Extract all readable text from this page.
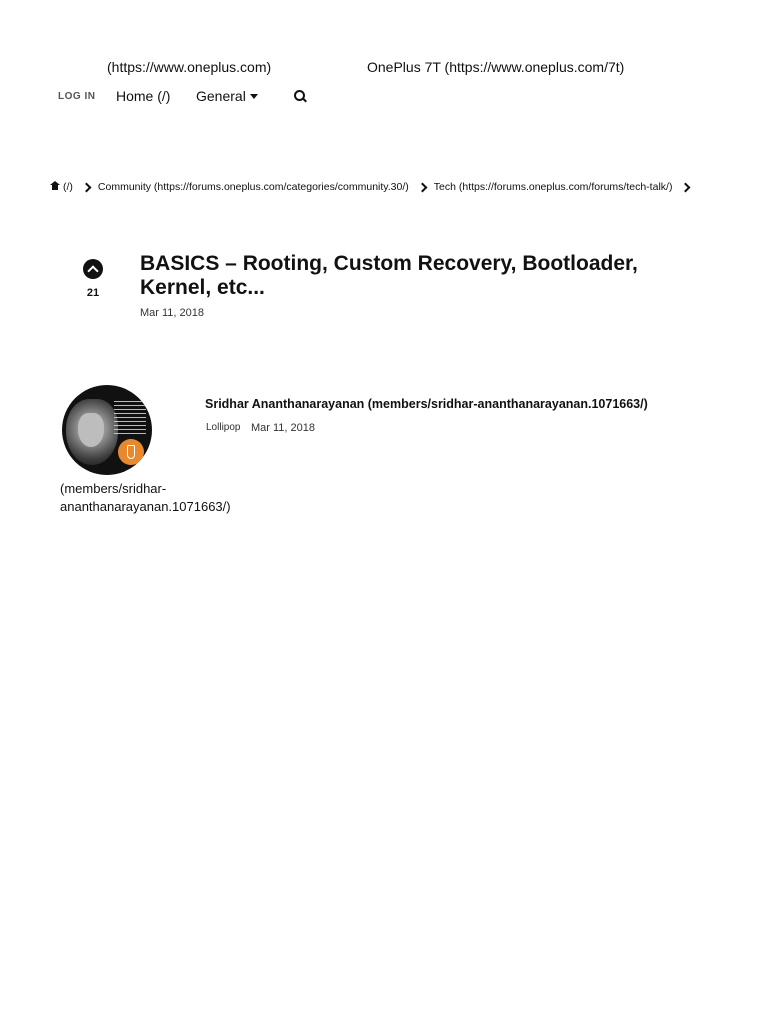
(https://www.oneplus.com)	OnePlus 7T (https://www.oneplus.com/7t)
LOG IN	Home (/)	General
(/) Community (https://forums.oneplus.com/categories/community.30/) Tech (https://forums.oneplus.com/forums/tech-talk/)
21
BASICS – Rooting, Custom Recovery, Bootloader, Kernel, etc...
Mar 11, 2018
(members/sridhar-ananthanarayanan.1071663/)
Sridhar Ananthanarayanan (members/sridhar-ananthanarayanan.1071663/)
Lollipop Mar 11, 2018
